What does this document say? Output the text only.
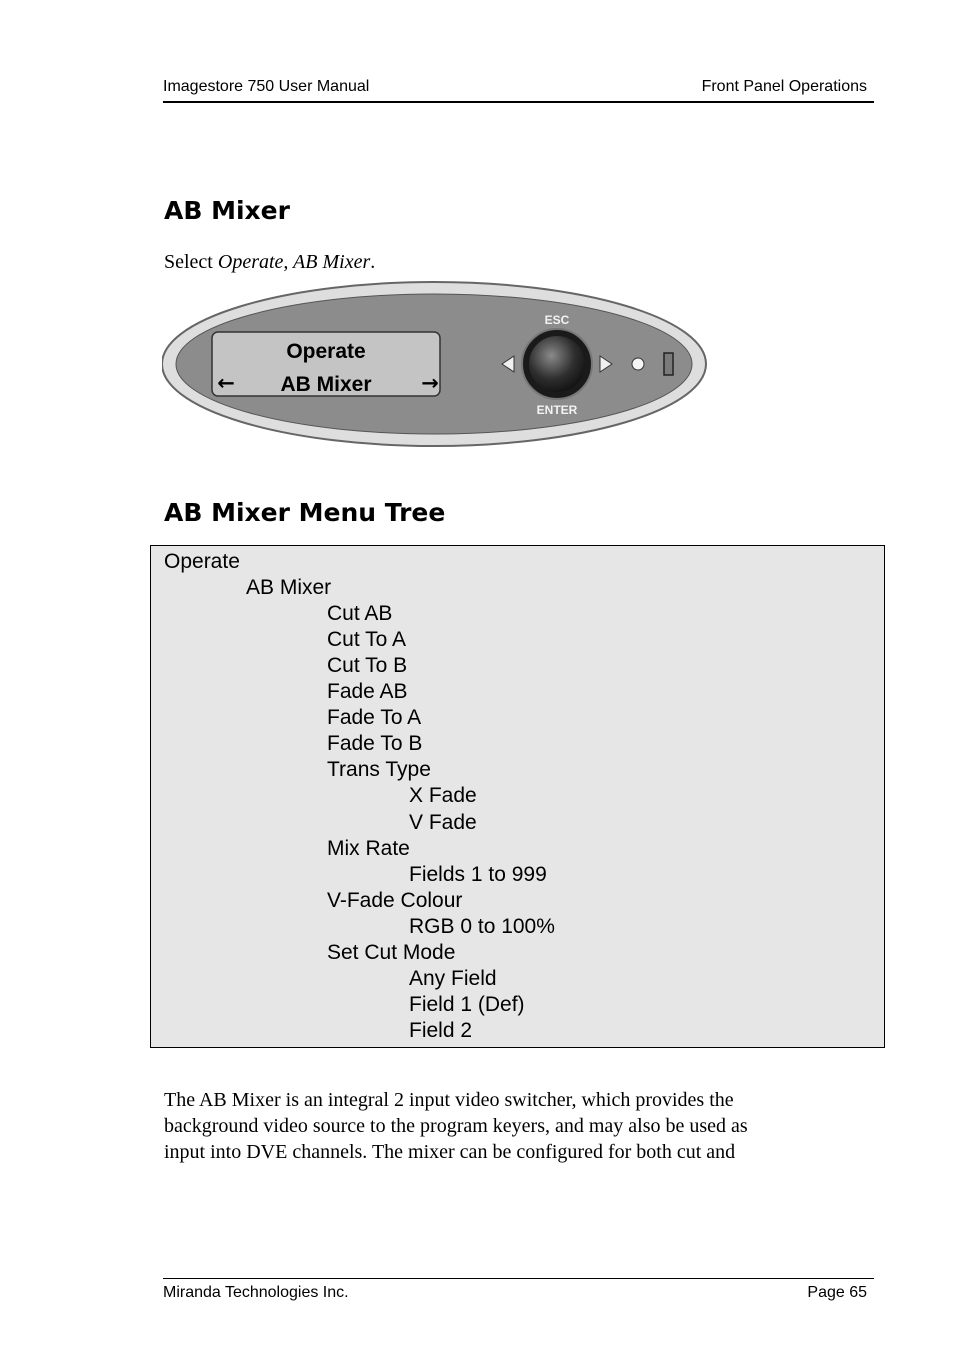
Imagestore 750 User Manual	Front Panel Operations
AB Mixer
Select Operate, AB Mixer.
Operate
← AB Mixer →
ESC
ENTER
AB Mixer Menu Tree
Operate
AB Mixer
Cut AB
Cut To A
Cut To B
Fade AB
Fade To A
Fade To B
Trans Type
X Fade
V Fade
Mix Rate
Fields 1 to 999
V-Fade Colour
RGB 0 to 100%
Set Cut Mode
Any Field
Field 1 (Def)
Field 2
The AB Mixer is an integral 2 input video switcher, which provides the
background video source to the program keyers, and may also be used as
input into DVE channels. The mixer can be configured for both cut and
Miranda Technologies Inc.	Page 65
